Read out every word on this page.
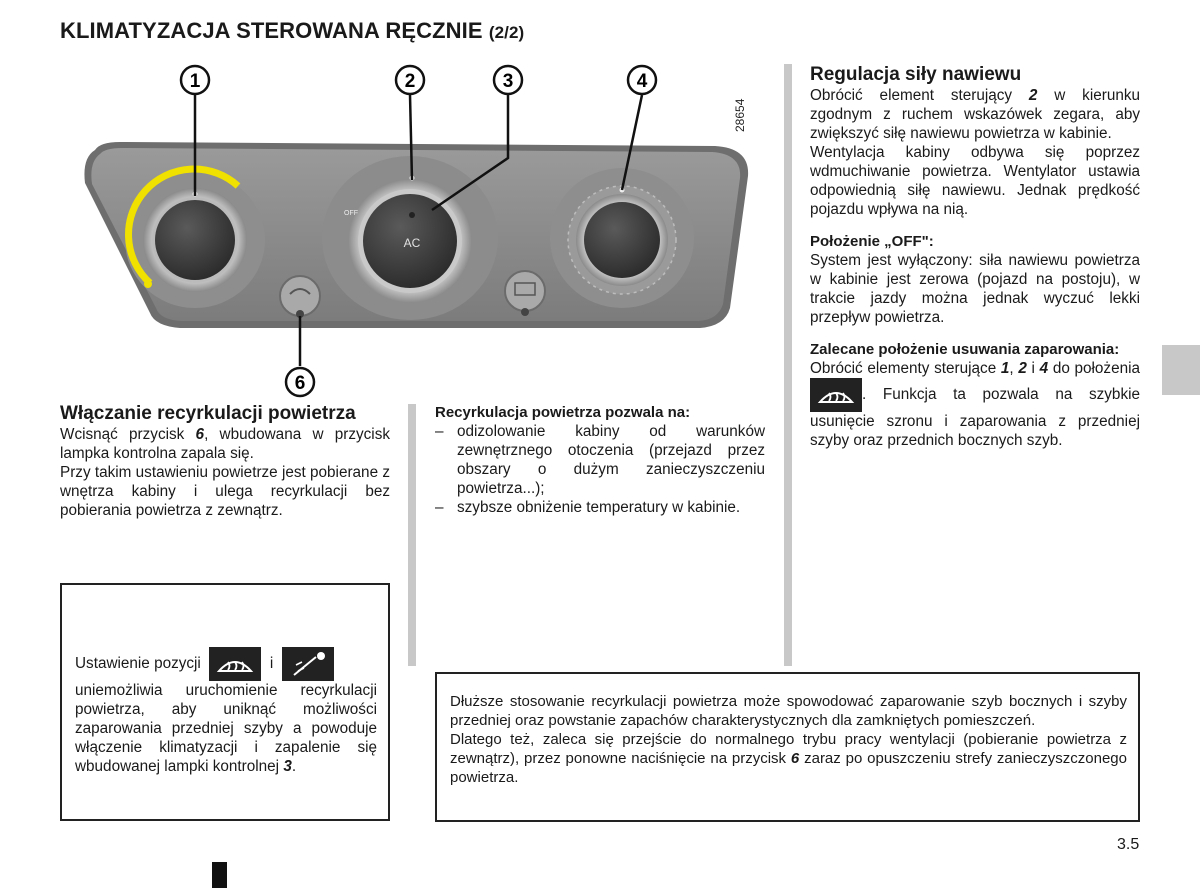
KLIMATYZACJA STEROWANA RĘCZNIE (2/2)
AC
OFF
1	2	3	4
6
28654
Włączanie recyrkulacji powietrza

Wcisnąć przycisk 6, wbudowana w przycisk lampka kontrolna zapala się.

Przy takim ustawieniu powietrze jest pobierane z wnętrza kabiny i ulega recyrkulacji bez pobierania powietrza z zewnątrz.

Recyrkulacja powietrza pozwala na:
– odizolowanie kabiny od warunków zewnętrznego otoczenia (przejazd przez obszary o dużym zanieczyszczeniu powietrza...);
– szybsze obniżenie temperatury w kabinie.
Regulacja siły nawiewu

Obrócić element sterujący 2 w kierunku zgodnym z ruchem wskazówek zegara, aby zwiększyć siłę nawiewu powietrza w kabinie.

Wentylacja kabiny odbywa się poprzez wdmuchiwanie powietrza. Wentylator ustawia odpowiednią siłę nawiewu. Jednak prędkość pojazdu wpływa na nią.

Położenie „OFF":

System jest wyłączony: siła nawiewu powietrza w kabinie jest zerowa (pojazd na postoju), w trakcie jazdy można jednak wyczuć lekki przepływ powietrza.

Zalecane położenie usuwania zaparowania:

Obrócić elementy sterujące 1, 2 i 4 do położenia . Funkcja ta pozwala na szybkie usunięcie szronu i zaparowania z przedniej szyby oraz przednich bocznych szyb.

Ustawienie pozycji	i
uniemożliwia uruchomienie recyrkulacji powietrza, aby uniknąć możliwości zaparowania przedniej szyby a powoduje włączenie klimatyzacji i zapalenie się wbudowanej lampki kontrolnej 3.

Dłuższe stosowanie recyrkulacji powietrza może spowodować zaparowanie szyb bocznych i szyby przedniej oraz powstanie zapachów charakterystycznych dla zamkniętych pomieszczeń.

Dlatego też, zaleca się przejście do normalnego trybu pracy wentylacji (pobieranie powietrza z zewnątrz), przez ponowne naciśnięcie na przycisk 6 zaraz po opuszczeniu strefy zanieczyszczonego powietrza.

3.5
